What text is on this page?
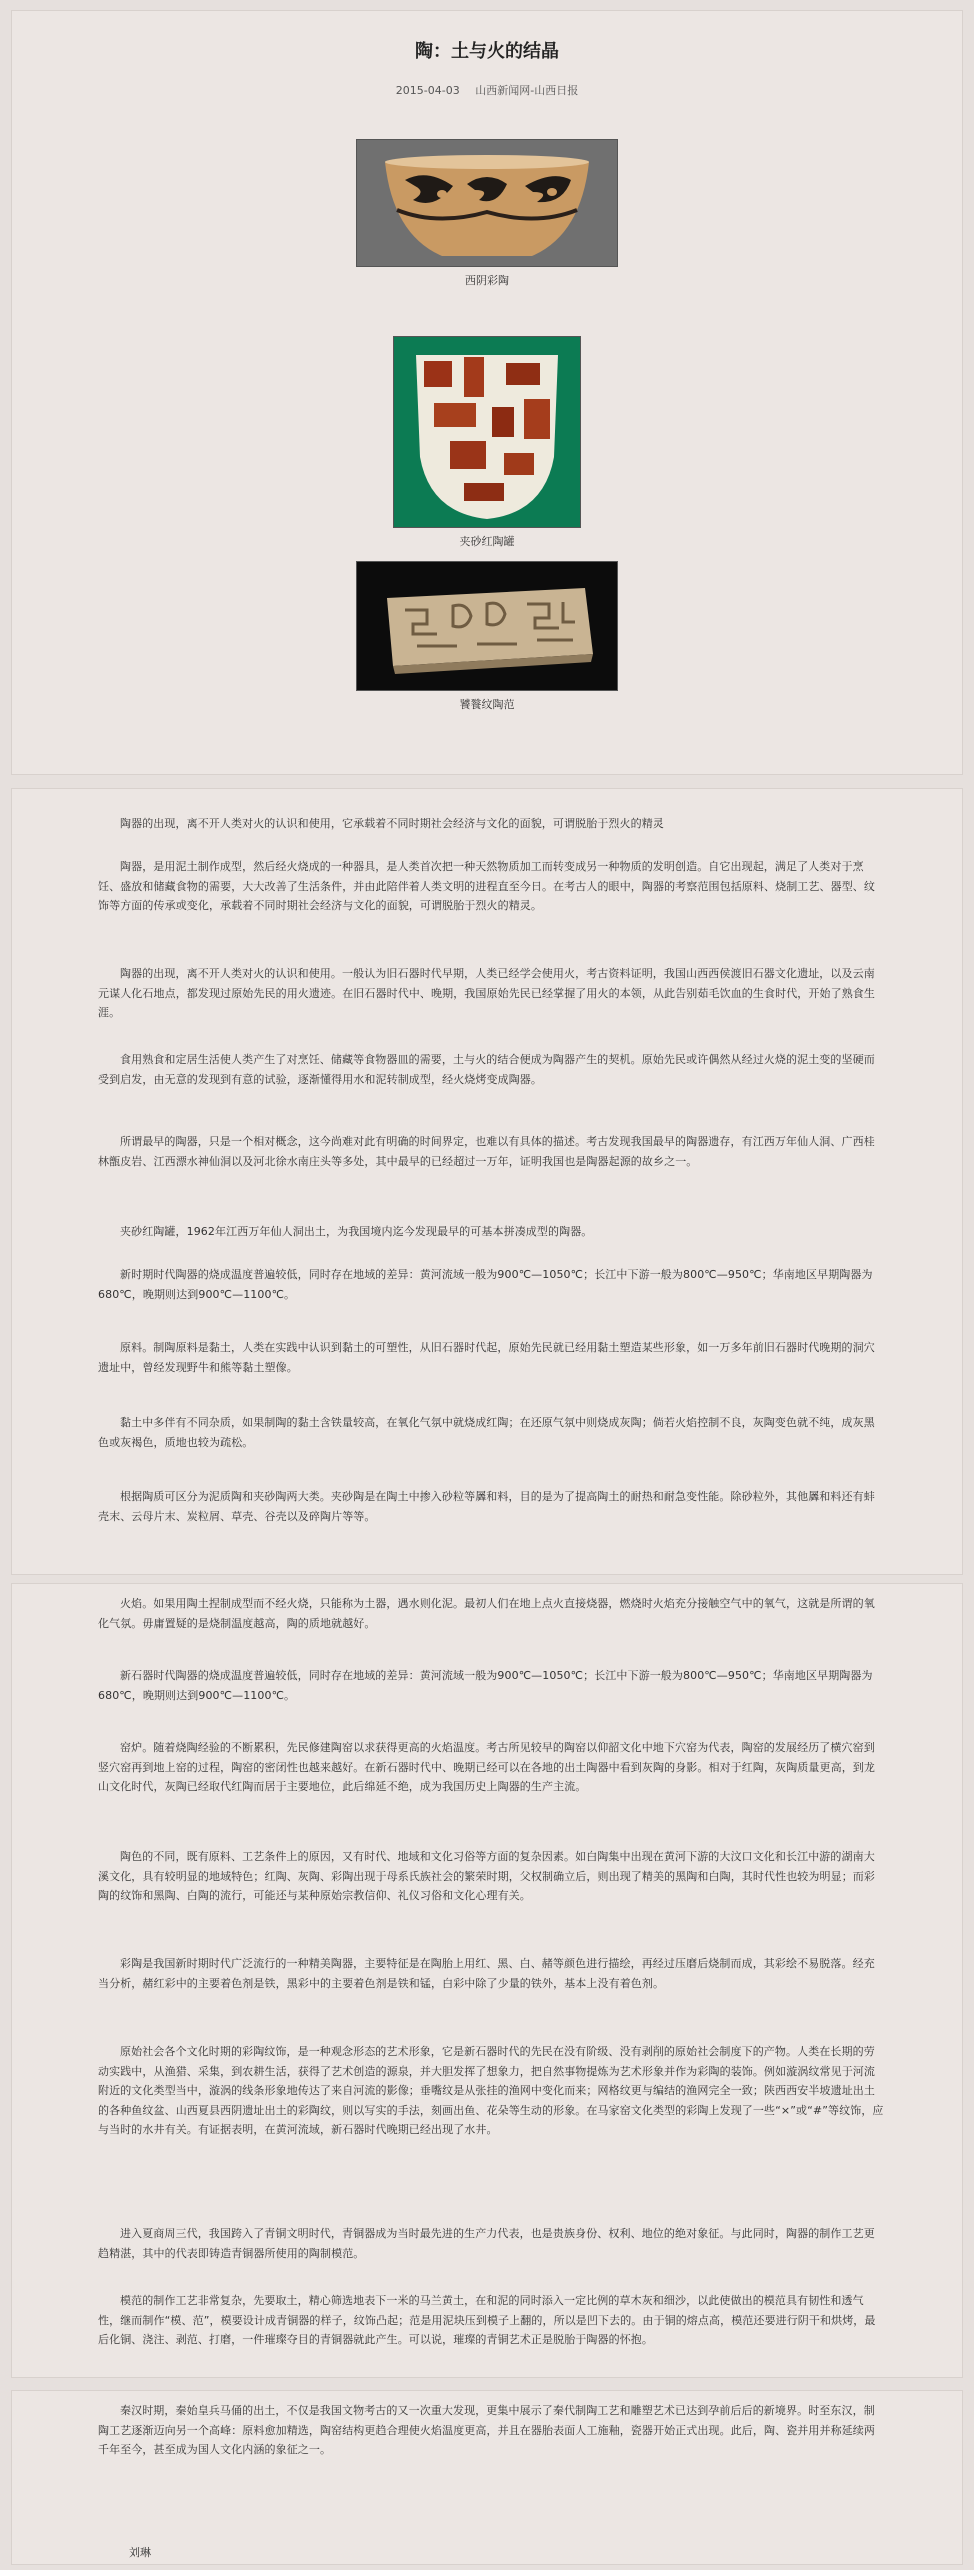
陶：土与火的结晶
2015-04-03 山西新闻网-山西日报
西阴彩陶
夹砂红陶罐
饕餮纹陶范

陶器的出现，离不开人类对火的认识和使用，它承载着不同时期社会经济与文化的面貌，可谓脱胎于烈火的精灵

陶器，是用泥土制作成型，然后经火烧成的一种器具，是人类首次把一种天然物质加工而转变成另一种物质的发明创造。自它出现起，满足了人类对于烹饪、盛放和储藏食物的需要，大大改善了生活条件，并由此陪伴着人类文明的进程直至今日。在考古人的眼中，陶器的考察范围包括原料、烧制工艺、器型、纹饰等方面的传承或变化，承载着不同时期社会经济与文化的面貌，可谓脱胎于烈火的精灵。

陶器的出现，离不开人类对火的认识和使用。一般认为旧石器时代早期，人类已经学会使用火，考古资料证明，我国山西西侯渡旧石器文化遗址，以及云南元谋人化石地点，都发现过原始先民的用火遗迹。在旧石器时代中、晚期，我国原始先民已经掌握了用火的本领，从此告别茹毛饮血的生食时代，开始了熟食生涯。

食用熟食和定居生活使人类产生了对烹饪、储藏等食物器皿的需要，土与火的结合便成为陶器产生的契机。原始先民或许偶然从经过火烧的泥土变的坚硬而受到启发，由无意的发现到有意的试验，逐渐懂得用水和泥转制成型，经火烧烤变成陶器。

所谓最早的陶器，只是一个相对概念，这今尚难对此有明确的时间界定，也难以有具体的描述。考古发现我国最早的陶器遗存，有江西万年仙人洞、广西桂林甑皮岩、江西漂水神仙洞以及河北徐水南庄头等多处，其中最早的已经超过一万年，证明我国也是陶器起源的故乡之一。

夹砂红陶罐，1962年江西万年仙人洞出土，为我国境内迄今发现最早的可基本拼凑成型的陶器。

新时期时代陶器的烧成温度普遍较低，同时存在地域的差异：黄河流域一般为900℃—1050℃；长江中下游一般为800℃—950℃；华南地区早期陶器为680℃，晚期则达到900℃—1100℃。

原料。制陶原料是黏土，人类在实践中认识到黏土的可塑性，从旧石器时代起，原始先民就已经用黏土塑造某些形象，如一万多年前旧石器时代晚期的洞穴遗址中，曾经发现野牛和熊等黏土塑像。

黏土中多伴有不同杂质，如果制陶的黏土含铁量较高，在氧化气氛中就烧成红陶；在还原气氛中则烧成灰陶；倘若火焰控制不良，灰陶变色就不纯，成灰黑色或灰褐色，质地也较为疏松。

根据陶质可区分为泥质陶和夹砂陶两大类。夹砂陶是在陶土中掺入砂粒等羼和料，目的是为了提高陶土的耐热和耐急变性能。除砂粒外，其他羼和料还有蚌壳末、云母片末、炭粒屑、草壳、谷壳以及碎陶片等等。

火焰。如果用陶土捏制成型而不经火烧，只能称为土器，遇水则化泥。最初人们在地上点火直接烧器，燃烧时火焰充分接触空气中的氧气，这就是所谓的氧化气氛。毋庸置疑的是烧制温度越高，陶的质地就越好。

新石器时代陶器的烧成温度普遍较低，同时存在地域的差异：黄河流域一般为900℃—1050℃；长江中下游一般为800℃—950℃；华南地区早期陶器为680℃，晚期则达到900℃—1100℃。

窑炉。随着烧陶经验的不断累积，先民修建陶窑以求获得更高的火焰温度。考古所见较早的陶窑以仰韶文化中地下穴窑为代表，陶窑的发展经历了横穴窑到竖穴窑再到地上窑的过程，陶窑的密闭性也越来越好。在新石器时代中、晚期已经可以在各地的出土陶器中看到灰陶的身影。相对于红陶，灰陶质量更高，到龙山文化时代，灰陶已经取代红陶而居于主要地位，此后绵延不绝，成为我国历史上陶器的生产主流。

陶色的不同，既有原料、工艺条件上的原因，又有时代、地域和文化习俗等方面的复杂因素。如白陶集中出现在黄河下游的大汶口文化和长江中游的湖南大溪文化，具有较明显的地域特色；红陶、灰陶、彩陶出现于母系氏族社会的繁荣时期，父权制确立后，则出现了精美的黑陶和白陶，其时代性也较为明显；而彩陶的纹饰和黑陶、白陶的流行，可能还与某种原始宗教信仰、礼仪习俗和文化心理有关。

彩陶是我国新时期时代广泛流行的一种精美陶器，主要特征是在陶胎上用红、黑、白、赭等颜色进行描绘，再经过压磨后烧制而成，其彩绘不易脱落。经充当分析，赭红彩中的主要着色剂是铁，黑彩中的主要着色剂是铁和锰，白彩中除了少量的铁外，基本上没有着色剂。

原始社会各个文化时期的彩陶纹饰，是一种观念形态的艺术形象，它是新石器时代的先民在没有阶级、没有剥削的原始社会制度下的产物。人类在长期的劳动实践中，从渔猎、采集，到农耕生活，获得了艺术创造的源泉，并大胆发挥了想象力，把自然事物提炼为艺术形象并作为彩陶的装饰。例如漩涡纹常见于河流附近的文化类型当中，漩涡的线条形象地传达了来自河流的影像；垂嘴纹是从张挂的渔网中变化而来；网格纹更与编结的渔网完全一致；陕西西安半坡遗址出土的各种鱼纹盆、山西夏县西阴遗址出土的彩陶纹，则以写实的手法，刻画出鱼、花朵等生动的形象。在马家窑文化类型的彩陶上发现了一些“×”或“#”等纹饰，应与当时的水井有关。有证据表明，在黄河流域，新石器时代晚期已经出现了水井。

进入夏商周三代，我国跨入了青铜文明时代，青铜器成为当时最先进的生产力代表，也是贵族身份、权利、地位的绝对象征。与此同时，陶器的制作工艺更趋精湛，其中的代表即铸造青铜器所使用的陶制模范。

模范的制作工艺非常复杂，先要取土，精心筛选地表下一米的马兰黄土，在和泥的同时添入一定比例的草木灰和细沙，以此使做出的模范具有韧性和透气性，继而制作“模、范”，模要设计成青铜器的样子，纹饰凸起；范是用泥块压到模子上翻的，所以是凹下去的。由于铜的熔点高，模范还要进行阴干和烘烤，最后化铜、浇注、剥范、打磨，一件璀璨夺目的青铜器就此产生。可以说，璀璨的青铜艺术正是脱胎于陶器的怀抱。

秦汉时期，秦始皇兵马俑的出土，不仅是我国文物考古的又一次重大发现，更集中展示了秦代制陶工艺和雕塑艺术已达到孕前后后的新境界。时至东汉，制陶工艺逐渐迈向另一个高峰：原料愈加精选，陶窑结构更趋合理使火焰温度更高，并且在器胎表面人工施釉，瓷器开始正式出现。此后，陶、瓷并用并称延续两千年至今，甚至成为国人文化内涵的象征之一。

刘琳
